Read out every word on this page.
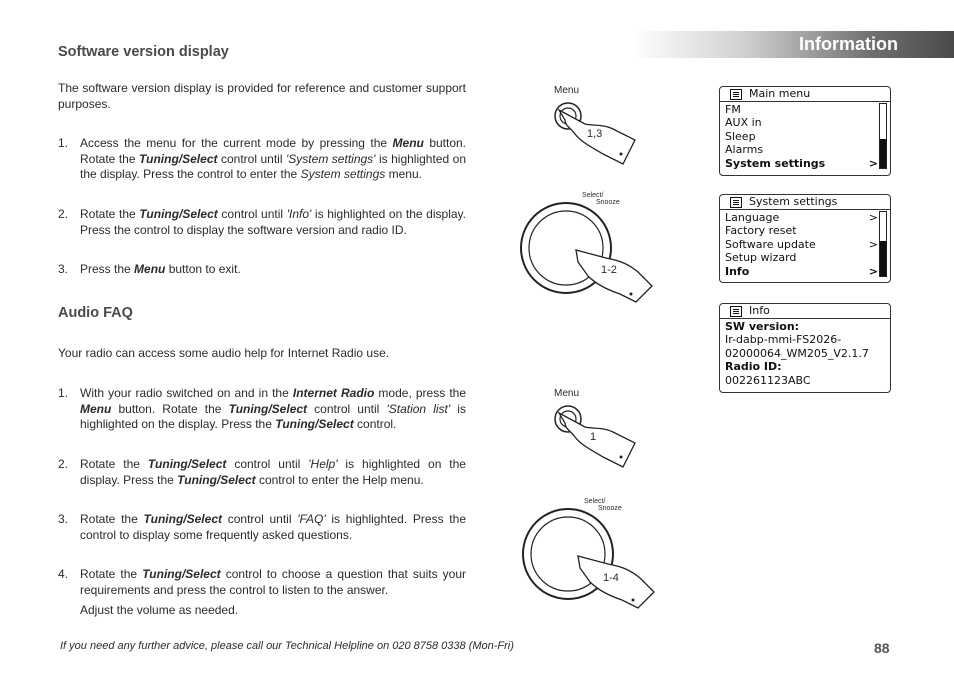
Information
Software version display
The software version display is provided for reference and customer support purposes.
1. Access the menu for the current mode by pressing the Menu button. Rotate the Tuning/Select control until 'System settings' is highlighted on the display. Press the control to enter the System settings menu.
2. Rotate the Tuning/Select control until 'Info' is highlighted on the display. Press the control to display the software version and radio ID.
3. Press the Menu button to exit.
Audio FAQ
Your radio can access some audio help for Internet Radio use.
1. With your radio switched on and in the Internet Radio mode, press the Menu button. Rotate the Tuning/Select control until 'Station list' is highlighted on the display. Press the Tuning/Select control.
2. Rotate the Tuning/Select control until 'Help' is highlighted on the display. Press the Tuning/Select control to enter the Help menu.
3. Rotate the Tuning/Select control until 'FAQ' is highlighted. Press the control to display some frequently asked questions.
4. Rotate the Tuning/Select control to choose a question that suits your requirements and press the control to listen to the answer.
Adjust the volume as needed.
Menu
1,3
Select/
Snooze
1-2
Menu
1
Select/
Snooze
1-4
Main menu
FM
AUX in
Sleep
Alarms
System settings	>
System settings
Language	>
Factory reset
Software update	>
Setup wizard
Info	>
Info
SW version:
Ir-dabp-mmi-FS2026-
02000064_WM205_V2.1.7
Radio ID:
002261123ABC
If you need any further advice, please call our Technical Helpline on 020 8758 0338 (Mon-Fri)	88
